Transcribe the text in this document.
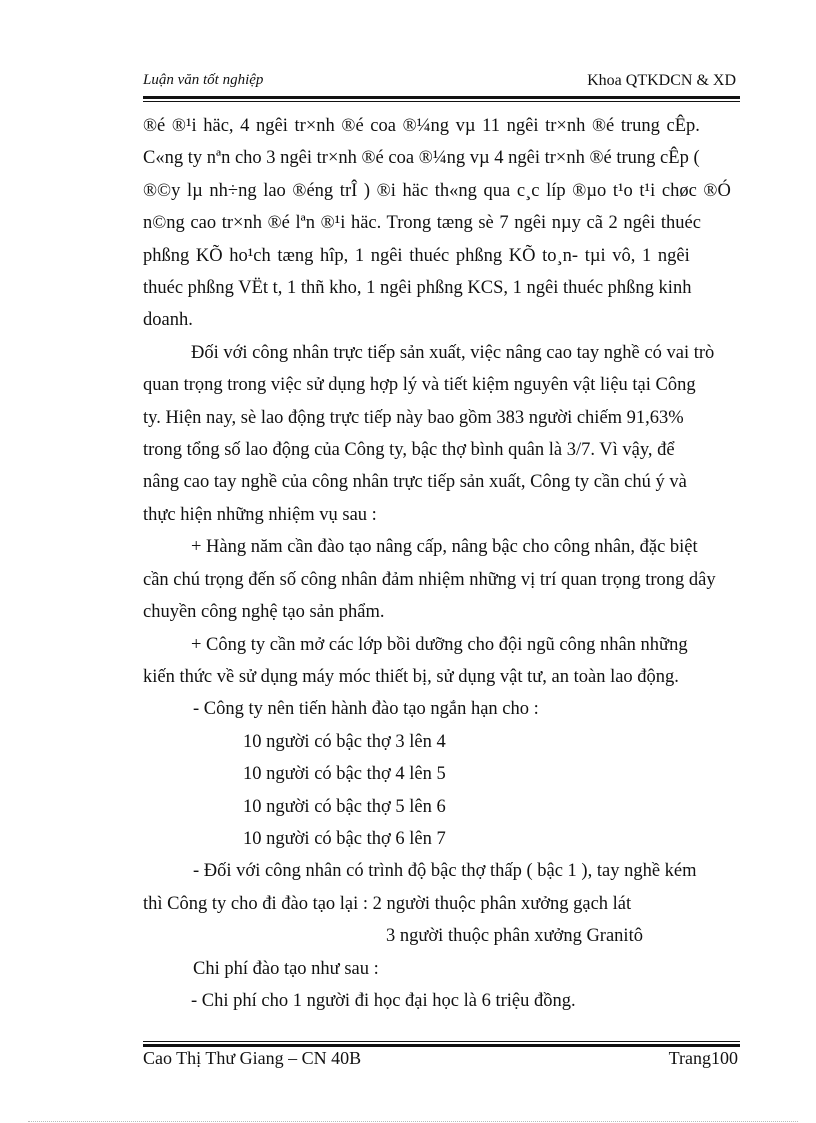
Luận văn tốt nghiệp	Khoa QTKDCN & XD

®é ®¹i häc, 4 ngêi tr×nh ®é coa ®¼ng vµ 11 ngêi tr×nh ®é trung cÊp.
C«ng ty nªn cho 3 ngêi tr×nh ®é coa ®¼ng vµ 4 ngêi tr×nh ®é trung cÊp (
®©y lµ nh÷ng lao ®éng trÎ ) ®i häc th«ng qua c¸c líp ®µo t¹o t¹i chøc ®Ó
n©ng cao tr×nh ®é lªn ®¹i häc. Trong tæng sè 7 ngêi nµy cã 2 ngêi thuéc
phßng KÕ ho¹ch tæng hîp, 1 ngêi thuéc phßng KÕ to¸n- tµi vô, 1 ngêi
thuéc phßng VËt t, 1 thñ kho, 1 ngêi phßng KCS, 1 ngêi thuéc phßng kinh
doanh.

Đối với công nhân trực tiếp sản xuất, việc nâng cao tay nghề có vai trò
quan trọng trong việc sử dụng hợp lý và tiết kiệm nguyên vật liệu tại Công
ty. Hiện nay, sè lao động trực tiếp này bao gồm 383 người chiếm 91,63%
trong tổng số lao động của Công ty, bậc thợ bình quân là 3/7. Vì vậy, để
nâng cao tay nghề của công nhân trực tiếp sản xuất, Công ty cần chú ý và
thực hiện những nhiệm vụ sau :

+ Hàng năm cần đào tạo nâng cấp, nâng bậc cho công nhân, đặc biệt
cần chú trọng đến số công nhân đảm nhiệm những vị trí quan trọng trong dây
chuyền công nghệ tạo sản phẩm.

+ Công ty cần mở các lớp bồi dưỡng cho đội ngũ công nhân những
kiến thức về sử dụng máy móc thiết bị, sử dụng vật tư, an toàn lao động.

- Công ty nên tiến hành đào tạo ngắn hạn cho :

10 người có bậc thợ 3 lên 4
10 người có bậc thợ 4 lên 5
10 người có bậc thợ 5 lên 6
10 người có bậc thợ 6 lên 7

- Đối với công nhân có trình độ bậc thợ thấp ( bậc 1 ), tay nghề kém
thì Công ty cho đi đào tạo lại : 2 người thuộc phân xưởng gạch lát
3 người thuộc phân xưởng Granitô

Chi phí đào tạo như sau :

- Chi phí cho 1 người đi học đại học là 6 triệu đồng.

Cao Thị Thư Giang – CN 40B	Trang100
